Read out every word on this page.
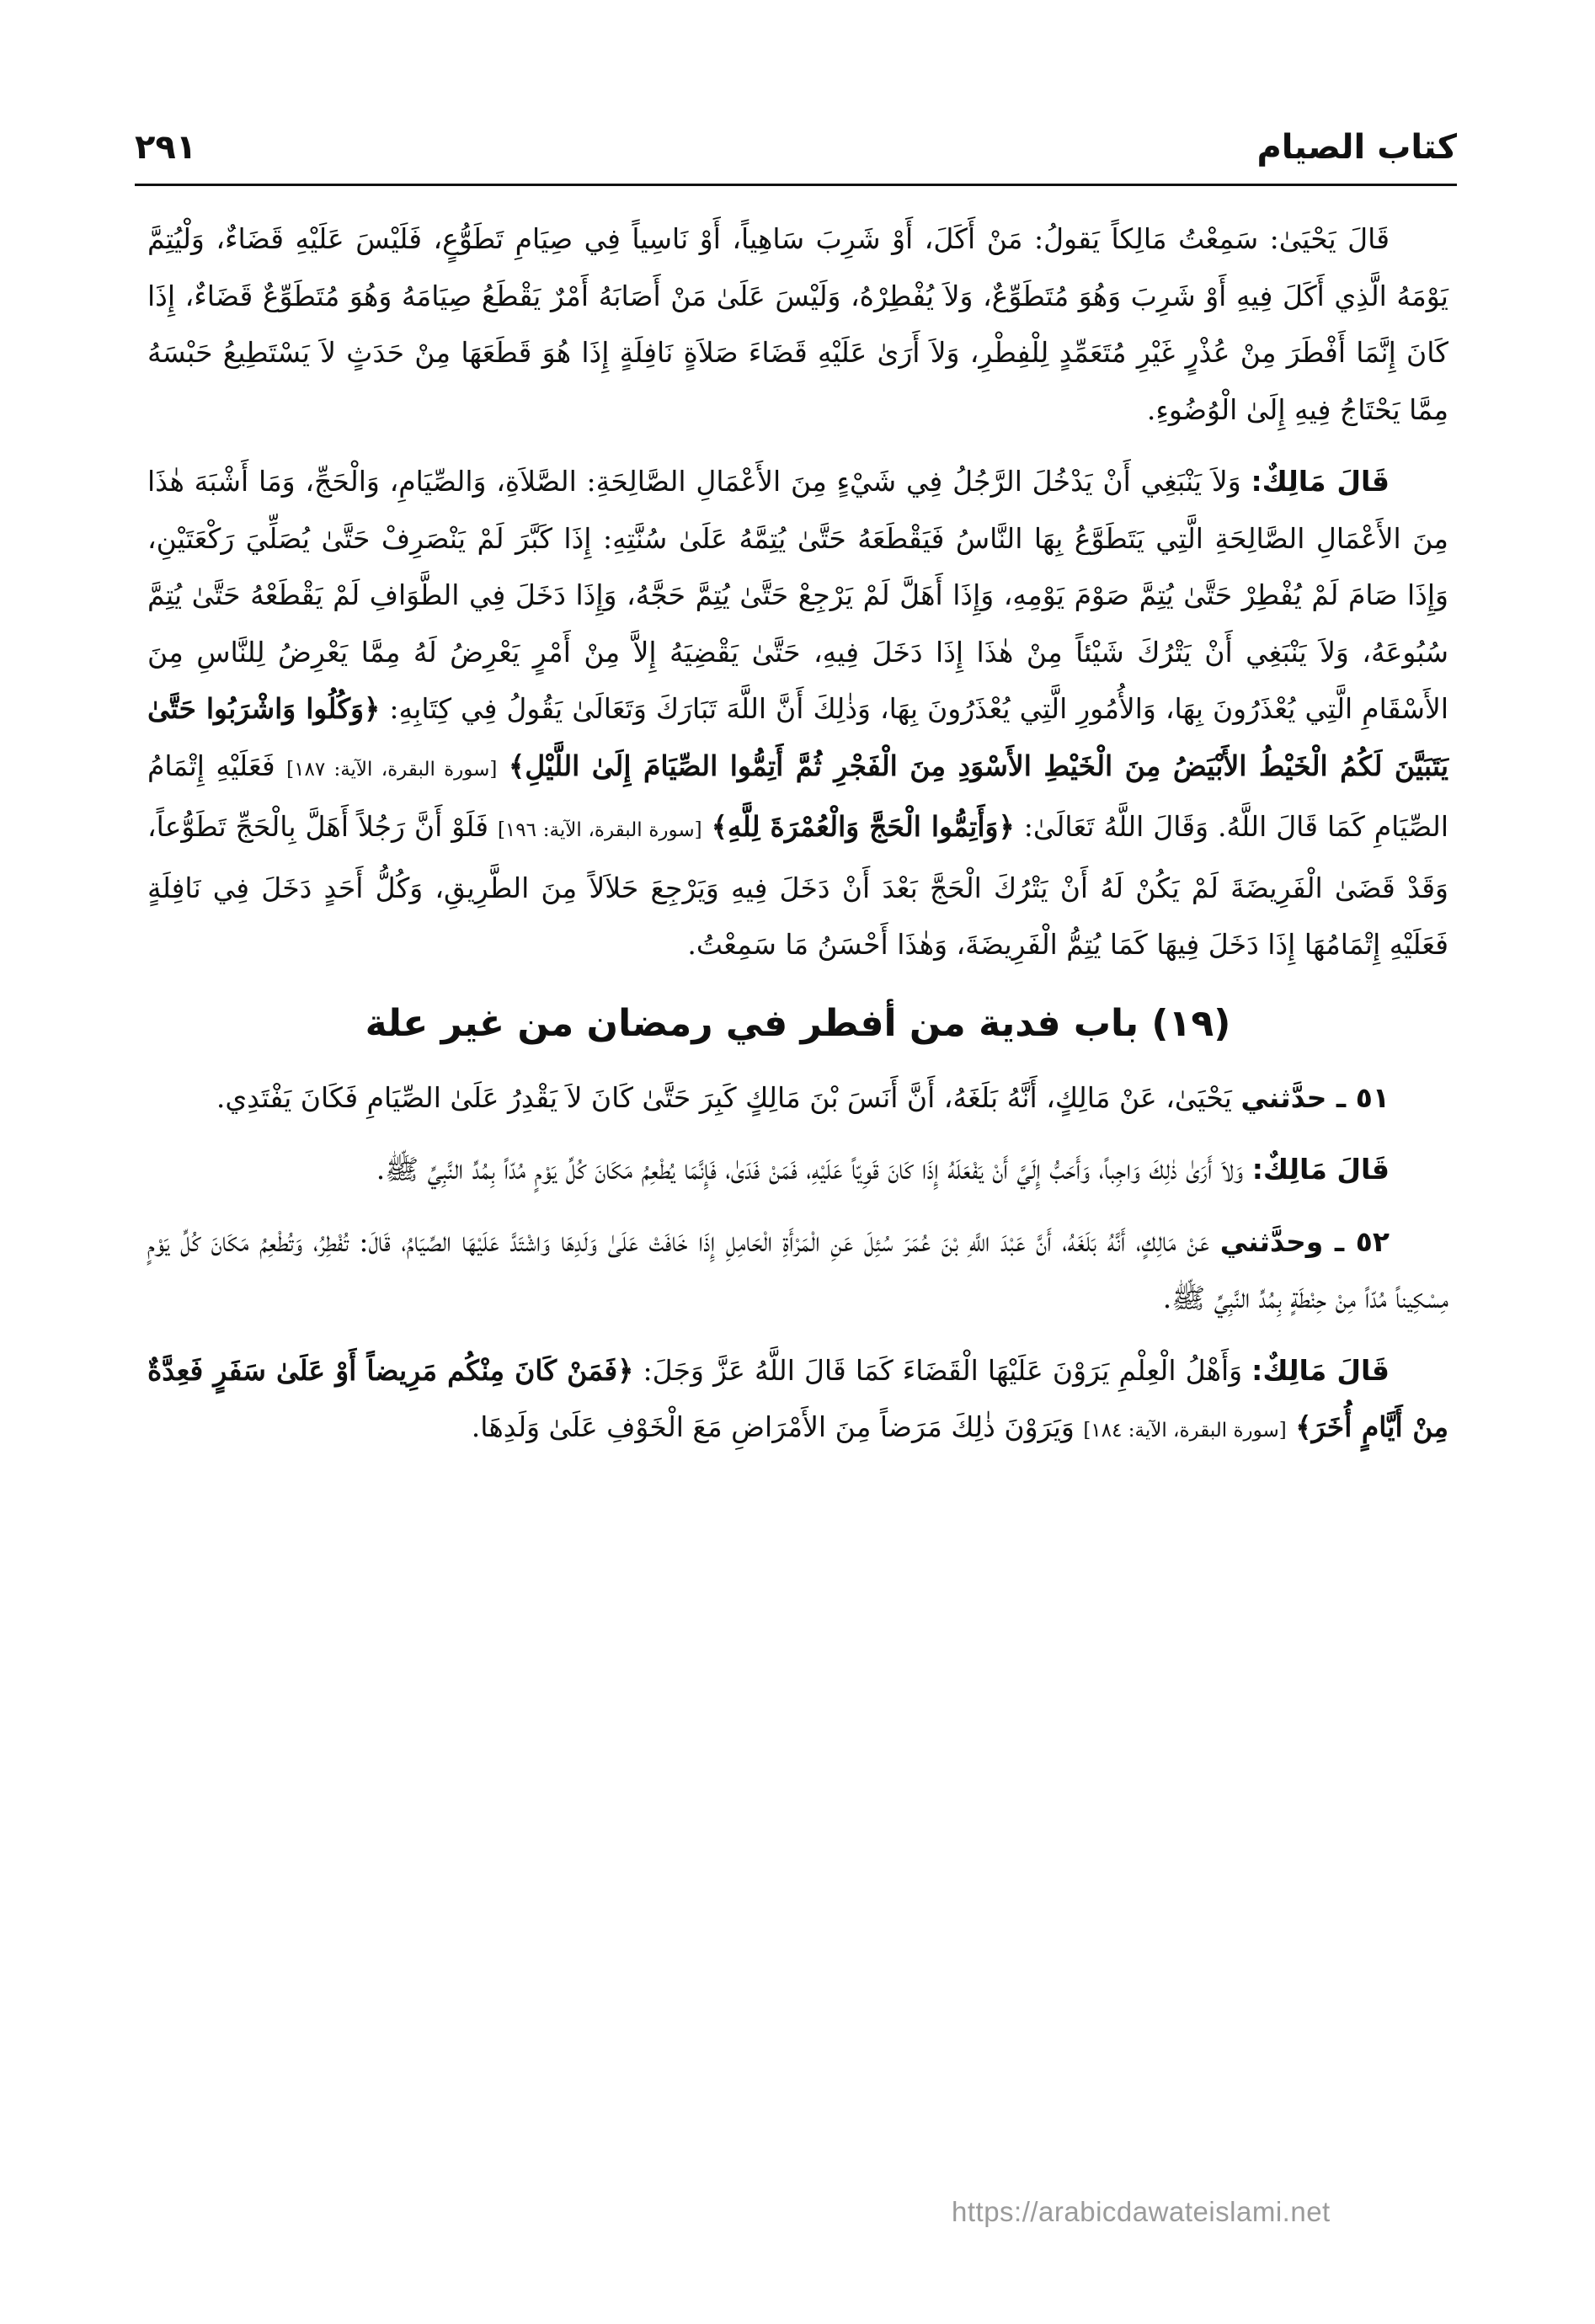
كتاب الصيام
٢٩١

قَالَ يَحْيَىٰ: سَمِعْتُ مَالِكاً يَقولُ: مَنْ أَكَلَ، أَوْ شَرِبَ سَاهِياً، أَوْ نَاسِياً فِي صِيَامِ تَطَوُّعٍ، فَلَيْسَ عَلَيْهِ قَضَاءٌ، وَلْيُتِمَّ يَوْمَهُ الَّذِي أَكَلَ فِيهِ أَوْ شَرِبَ وَهُوَ مُتَطَوِّعٌ، وَلاَ يُفْطِرْهُ، وَلَيْسَ عَلَىٰ مَنْ أَصَابَهُ أَمْرٌ يَقْطَعُ صِيَامَهُ وَهُوَ مُتَطَوِّعٌ قَضَاءٌ، إِذَا كَانَ إِنَّمَا أَفْطَرَ مِنْ عُذْرٍ غَيْرِ مُتَعَمِّدٍ لِلْفِطْرِ، وَلاَ أَرَىٰ عَلَيْهِ قَضَاءَ صَلاَةٍ نَافِلَةٍ إِذَا هُوَ قَطَعَهَا مِنْ حَدَثٍ لاَ يَسْتَطِيعُ حَبْسَهُ مِمَّا يَحْتَاجُ فِيهِ إِلَىٰ الْوُضُوءِ.

قَالَ مَالِكٌ: وَلاَ يَنْبَغِي أَنْ يَدْخُلَ الرَّجُلُ فِي شَيْءٍ مِنَ الأَعْمَالِ الصَّالِحَةِ: الصَّلاَةِ، وَالصِّيَامِ، وَالْحَجِّ، وَمَا أَشْبَهَ هٰذَا مِنَ الأَعْمَالِ الصَّالِحَةِ الَّتِي يَتَطَوَّعُ بِهَا النَّاسُ فَيَقْطَعَهُ حَتَّىٰ يُتِمَّهُ عَلَىٰ سُنَّتِهِ: إِذَا كَبَّرَ لَمْ يَنْصَرِفْ حَتَّىٰ يُصَلِّيَ رَكْعَتَيْنِ، وَإِذَا صَامَ لَمْ يُفْطِرْ حَتَّىٰ يُتِمَّ صَوْمَ يَوْمِهِ، وَإِذَا أَهَلَّ لَمْ يَرْجِعْ حَتَّىٰ يُتِمَّ حَجَّهُ، وَإِذَا دَخَلَ فِي الطَّوَافِ لَمْ يَقْطَعْهُ حَتَّىٰ يُتِمَّ سُبُوعَهُ، وَلاَ يَنْبَغِي أَنْ يَتْرُكَ شَيْئاً مِنْ هٰذَا إِذَا دَخَلَ فِيهِ، حَتَّىٰ يَقْضِيَهُ إِلاَّ مِنْ أَمْرٍ يَعْرِضُ لَهُ مِمَّا يَعْرِضُ لِلنَّاسِ مِنَ الأَسْقَامِ الَّتِي يُعْذَرُونَ بِهَا، وَالأُمُورِ الَّتِي يُعْذَرُونَ بِهَا، وَذٰلِكَ أَنَّ اللَّهَ تَبَارَكَ وَتَعَالَىٰ يَقُولُ فِي كِتَابِهِ: ﴿وَكُلُوا وَاشْرَبُوا حَتَّىٰ يَتَبَيَّنَ لَكُمُ الْخَيْطُ الأَبْيَضُ مِنَ الْخَيْطِ الأَسْوَدِ مِنَ الْفَجْرِ ثُمَّ أَتِمُّوا الصِّيَامَ إِلَىٰ اللَّيْلِ﴾ [سورة البقرة، الآية: ١٨٧] فَعَلَيْهِ إِتْمَامُ الصِّيَامِ كَمَا قَالَ اللَّهُ. وَقَالَ اللَّهُ تَعَالَىٰ: ﴿وَأَتِمُّوا الْحَجَّ وَالْعُمْرَةَ لِلَّهِ﴾ [سورة البقرة، الآية: ١٩٦] فَلَوْ أَنَّ رَجُلاً أَهَلَّ بِالْحَجِّ تَطَوُّعاً، وَقَدْ قَضَىٰ الْفَرِيضَةَ لَمْ يَكُنْ لَهُ أَنْ يَتْرُكَ الْحَجَّ بَعْدَ أَنْ دَخَلَ فِيهِ وَيَرْجِعَ حَلاَلاً مِنَ الطَّرِيقِ، وَكُلُّ أَحَدٍ دَخَلَ فِي نَافِلَةٍ فَعَلَيْهِ إِتْمَامُهَا إِذَا دَخَلَ فِيهَا كَمَا يُتِمُّ الْفَرِيضَةَ، وَهٰذَا أَحْسَنُ مَا سَمِعْتُ.

(١٩) باب فدية من أفطر في رمضان من غير علة

٥١ ـ حدَّثني يَحْيَىٰ، عَنْ مَالِكٍ، أَنَّهُ بَلَغَهُ، أَنَّ أَنَسَ بْنَ مَالِكٍ كَبِرَ حَتَّىٰ كَانَ لاَ يَقْدِرُ عَلَىٰ الصِّيَامِ فَكَانَ يَفْتَدِي.

قَالَ مَالِكٌ: وَلاَ أَرَىٰ ذٰلِكَ وَاجِباً، وَأَحَبُّ إِلَيَّ أَنْ يَفْعَلَهُ إِذَا كَانَ قَوِيّاً عَلَيْهِ، فَمَنْ فَدَىٰ، فَإِنَّمَا يُطْعِمُ مَكَانَ كُلِّ يَوْمٍ مُدّاً بِمُدِّ النَّبِيِّ ﷺ.

٥٢ ـ وحدَّثني عَنْ مَالِكٍ، أَنَّهُ بَلَغَهُ، أَنَّ عَبْدَ اللَّهِ بْنَ عُمَرَ سُئِلَ عَنِ الْمَرْأَةِ الْحَامِلِ إِذَا خَافَتْ عَلَىٰ وَلَدِهَا وَاشْتَدَّ عَلَيْهَا الصِّيَامُ، قَالَ: تُفْطِرُ، وَتُطْعِمُ مَكَانَ كُلِّ يَوْمٍ مِسْكِيناً مُدّاً مِنْ حِنْطَةٍ بِمُدِّ النَّبِيِّ ﷺ.

قَالَ مَالِكٌ: وَأَهْلُ الْعِلْمِ يَرَوْنَ عَلَيْهَا الْقَضَاءَ كَمَا قَالَ اللَّهُ عَزَّ وَجَلَ: ﴿فَمَنْ كَانَ مِنْكُم مَرِيضاً أَوْ عَلَىٰ سَفَرٍ فَعِدَّةٌ مِنْ أَيَّامٍ أُخَرَ﴾ [سورة البقرة، الآية: ١٨٤] وَيَرَوْنَ ذٰلِكَ مَرَضاً مِنَ الأَمْرَاضِ مَعَ الْخَوْفِ عَلَىٰ وَلَدِهَا.

https://arabicdawateislami.net
